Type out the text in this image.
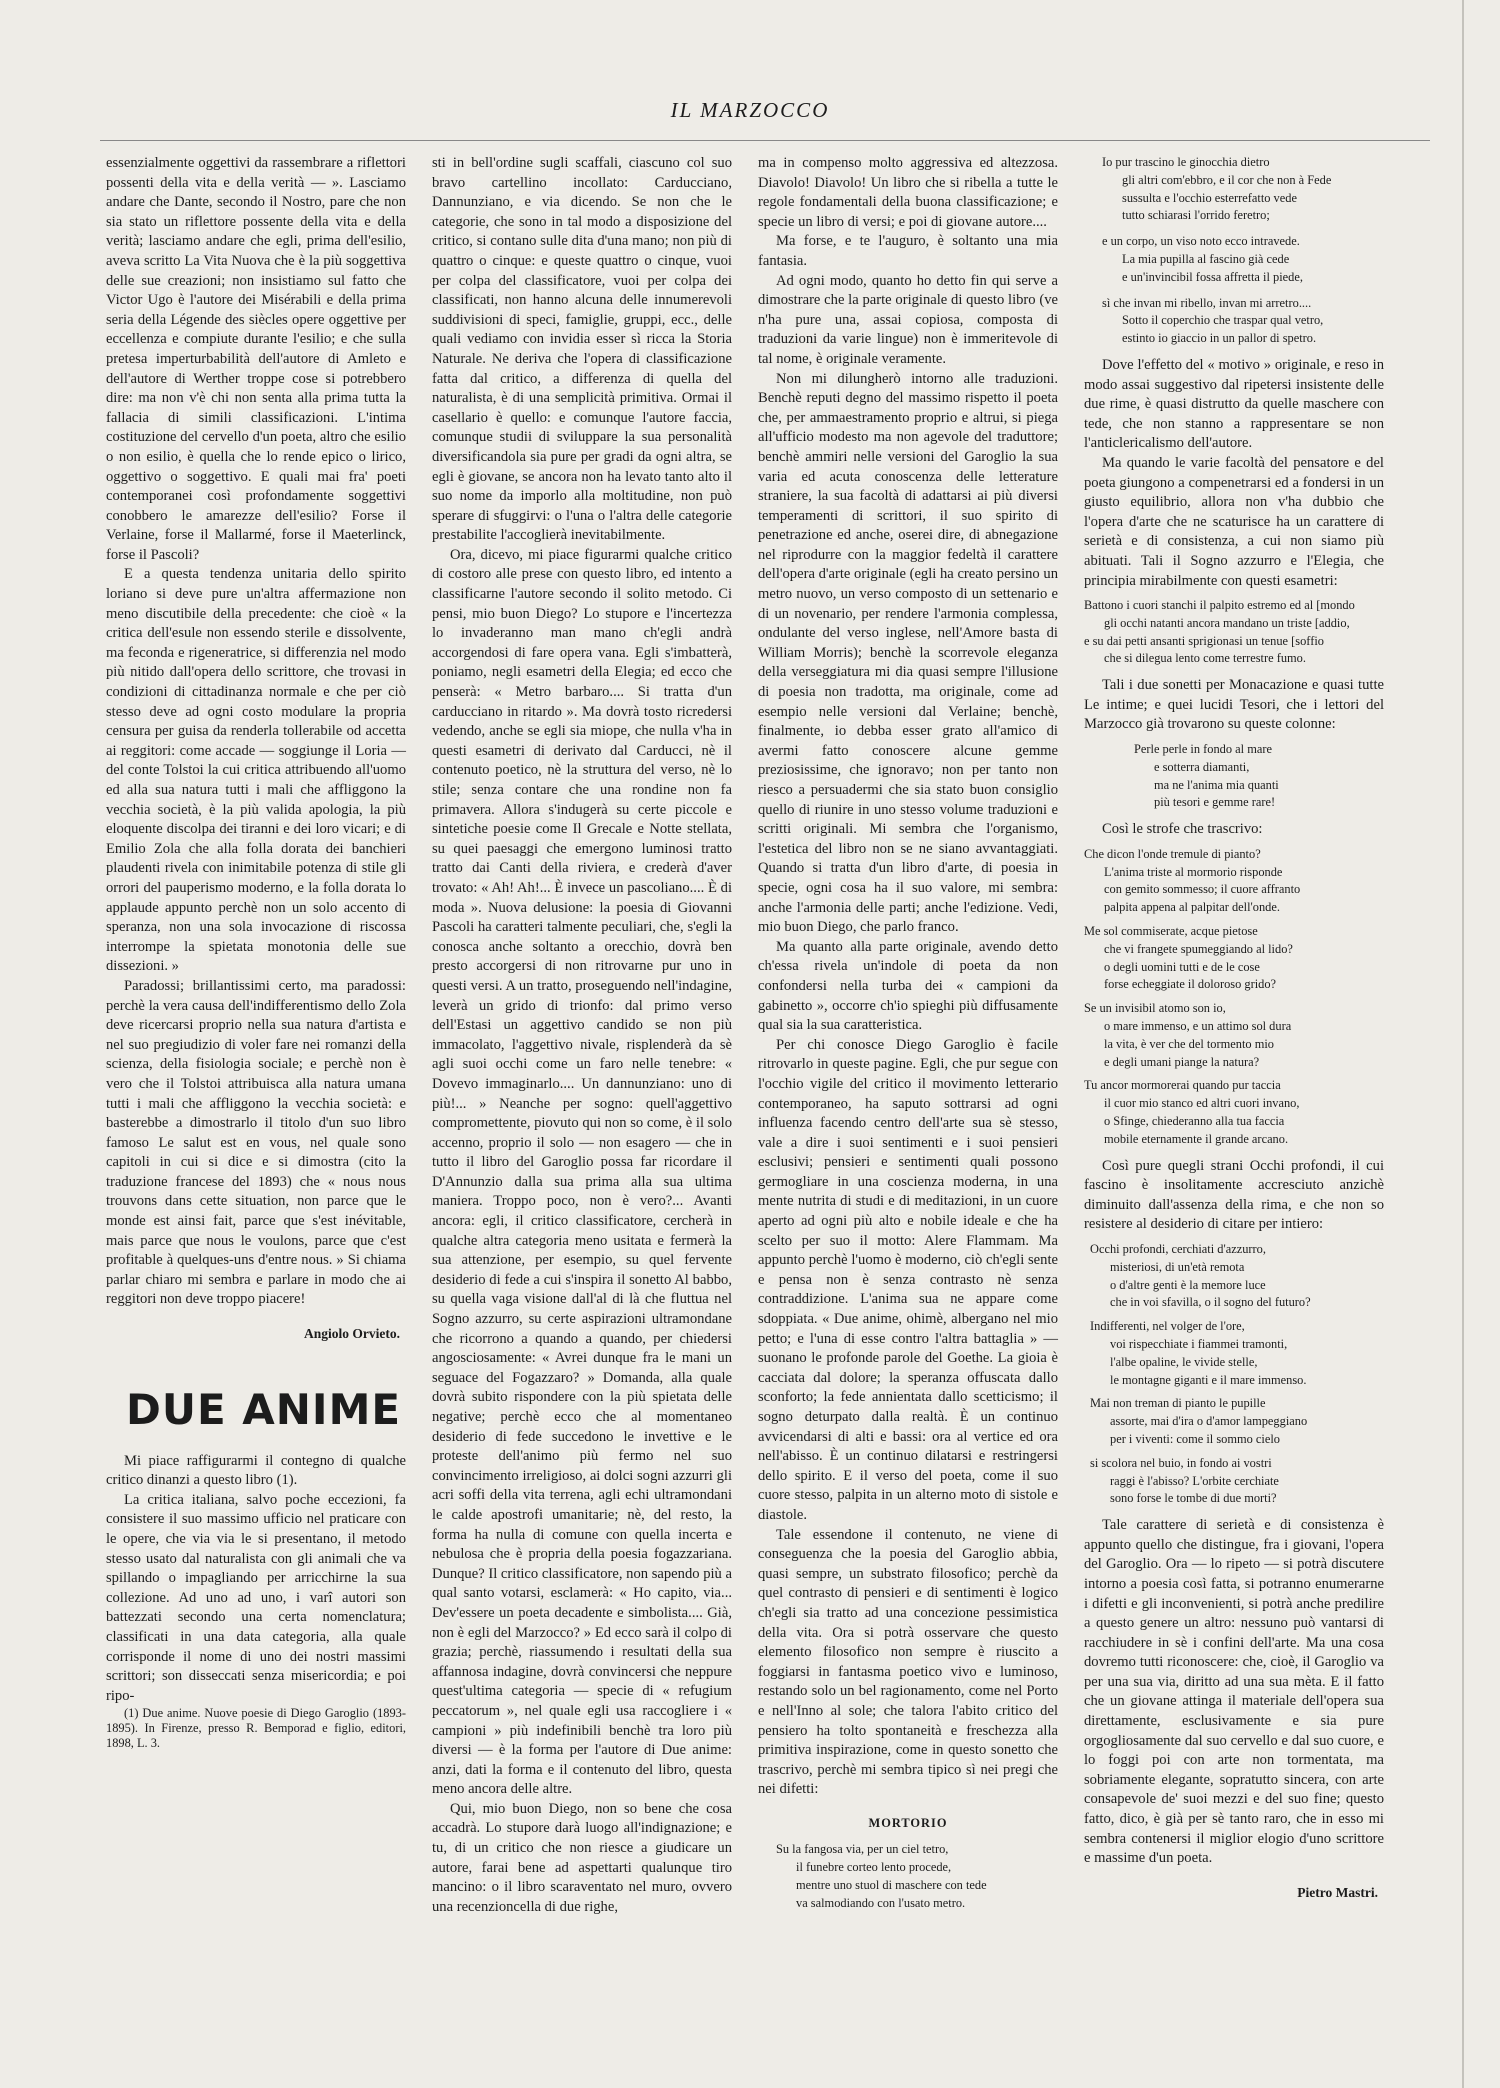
IL MARZOCCO

essenzialmente oggettivi da rassembrare a riflettori possenti della vita e della verità — ». Lasciamo andare che Dante, secondo il Nostro, pare che non sia stato un riflettore possente della vita e della verità; lasciamo andare che egli, prima dell'esilio, aveva scritto La Vita Nuova che è la più soggettiva delle sue creazioni; non insistiamo sul fatto che Victor Ugo è l'autore dei Misérabili e della prima seria della Légende des siècles opere oggettive per eccellenza e compiute durante l'esilio; e che sulla pretesa imperturbabilità dell'autore di Amleto e dell'autore di Werther troppe cose si potrebbero dire: ma non v'è chi non senta alla prima tutta la fallacia di simili classificazioni. L'intima costituzione del cervello d'un poeta, altro che esilio o non esilio, è quella che lo rende epico o lirico, oggettivo o soggettivo. E quali mai fra' poeti contemporanei così profondamente soggettivi conobbero le amarezze dell'esilio? Forse il Verlaine, forse il Mallarmé, forse il Maeterlinck, forse il Pascoli?

E a questa tendenza unitaria dello spirito loriano si deve pure un'altra affermazione non meno discutibile della precedente: che cioè « la critica dell'esule non essendo sterile e dissolvente, ma feconda e rigeneratrice, si differenzia nel modo più nitido dall'opera dello scrittore, che trovasi in condizioni di cittadinanza normale e che per ciò stesso deve ad ogni costo modulare la propria censura per guisa da renderla tollerabile od accetta ai reggitori: come accade — soggiunge il Loria — del conte Tolstoi la cui critica attribuendo all'uomo ed alla sua natura tutti i mali che affliggono la vecchia società, è la più valida apologia, la più eloquente discolpa dei tiranni e dei loro vicari; e di Emilio Zola che alla folla dorata dei banchieri plaudenti rivela con inimitabile potenza di stile gli orrori del pauperismo moderno, e la folla dorata lo applaude appunto perchè non un solo accento di speranza, non una sola invocazione di riscossa interrompe la spietata monotonia delle sue dissezioni. »

Paradossi; brillantissimi certo, ma paradossi: perchè la vera causa dell'indifferentismo dello Zola deve ricercarsi proprio nella sua natura d'artista e nel suo pregiudizio di voler fare nei romanzi della scienza, della fisiologia sociale; e perchè non è vero che il Tolstoi attribuisca alla natura umana tutti i mali che affliggono la vecchia società: e basterebbe a dimostrarlo il titolo d'un suo libro famoso Le salut est en vous, nel quale sono capitoli in cui si dice e si dimostra (cito la traduzione francese del 1893) che « nous nous trouvons dans cette situation, non parce que le monde est ainsi fait, parce que s'est inévitable, mais parce que nous le voulons, parce que c'est profitable à quelques-uns d'entre nous. » Si chiama parlar chiaro mi sembra e parlare in modo che ai reggitori non deve troppo piacere!

Angiolo Orvieto.
DUE ANIME

Mi piace raffigurarmi il contegno di qualche critico dinanzi a questo libro (1).

La critica italiana, salvo poche eccezioni, fa consistere il suo massimo ufficio nel praticare con le opere, che via via le si presentano, il metodo stesso usato dal naturalista con gli animali che va spillando o impagliando per arricchirne la sua collezione. Ad uno ad uno, i varî autori son battezzati secondo una certa nomenclatura; classificati in una data categoria, alla quale corrisponde il nome di uno dei nostri massimi scrittori; son disseccati senza misericordia; e poi ripo-

(1) Due anime. Nuove poesie di Diego Garoglio (1893-1895). In Firenze, presso R. Bemporad e figlio, editori, 1898, L. 3.

sti in bell'ordine sugli scaffali, ciascuno col suo bravo cartellino incollato: Carducciano, Dannunziano, e via dicendo. Se non che le categorie, che sono in tal modo a disposizione del critico, si contano sulle dita d'una mano; non più di quattro o cinque: e queste quattro o cinque, vuoi per colpa del classificatore, vuoi per colpa dei classificati, non hanno alcuna delle innumerevoli suddivisioni di speci, famiglie, gruppi, ecc., delle quali vediamo con invidia esser sì ricca la Storia Naturale. Ne deriva che l'opera di classificazione fatta dal critico, a differenza di quella del naturalista, è di una semplicità primitiva. Ormai il casellario è quello: e comunque l'autore faccia, comunque studii di sviluppare la sua personalità diversificandola sia pure per gradi da ogni altra, se egli è giovane, se ancora non ha levato tanto alto il suo nome da imporlo alla moltitudine, non può sperare di sfuggirvi: o l'una o l'altra delle categorie prestabilite l'accoglierà inevitabilmente.

Ora, dicevo, mi piace figurarmi qualche critico di costoro alle prese con questo libro, ed intento a classificarne l'autore secondo il solito metodo. Ci pensi, mio buon Diego? Lo stupore e l'incertezza lo invaderanno man mano ch'egli andrà accorgendosi di fare opera vana. Egli s'imbatterà, poniamo, negli esametri della Elegia; ed ecco che penserà: « Metro barbaro.... Si tratta d'un carducciano in ritardo ». Ma dovrà tosto ricredersi vedendo, anche se egli sia miope, che nulla v'ha in questi esametri di derivato dal Carducci, nè il contenuto poetico, nè la struttura del verso, nè lo stile; senza contare che una rondine non fa primavera. Allora s'indugerà su certe piccole e sintetiche poesie come Il Grecale e Notte stellata, su quei paesaggi che emergono luminosi tratto tratto dai Canti della riviera, e crederà d'aver trovato: « Ah! Ah!... È invece un pascoliano.... È di moda ». Nuova delusione: la poesia di Giovanni Pascoli ha caratteri talmente peculiari, che, s'egli la conosca anche soltanto a orecchio, dovrà ben presto accorgersi di non ritrovarne pur uno in questi versi. A un tratto, proseguendo nell'indagine, leverà un grido di trionfo: dal primo verso dell'Estasi un aggettivo candido se non più immacolato, l'aggettivo nivale, risplenderà da sè agli suoi occhi come un faro nelle tenebre: « Dovevo immaginarlo.... Un dannunziano: uno di più!... » Neanche per sogno: quell'aggettivo compromettente, piovuto qui non so come, è il solo accenno, proprio il solo — non esagero — che in tutto il libro del Garoglio possa far ricordare il D'Annunzio dalla sua prima alla sua ultima maniera. Troppo poco, non è vero?... Avanti ancora: egli, il critico classificatore, cercherà in qualche altra categoria meno usitata e fermerà la sua attenzione, per esempio, su quel fervente desiderio di fede a cui s'inspira il sonetto Al babbo, su quella vaga visione dall'al di là che fluttua nel Sogno azzurro, su certe aspirazioni ultramondane che ricorrono a quando a quando, per chiedersi angosciosamente: « Avrei dunque fra le mani un seguace del Fogazzaro? » Domanda, alla quale dovrà subito rispondere con la più spietata delle negative; perchè ecco che al momentaneo desiderio di fede succedono le invettive e le proteste dell'animo più fermo nel suo convincimento irreligioso, ai dolci sogni azzurri gli acri soffi della vita terrena, agli echi ultramondani le calde apostrofi umanitarie; nè, del resto, la forma ha nulla di comune con quella incerta e nebulosa che è propria della poesia fogazzariana. Dunque? Il critico classificatore, non sapendo più a qual santo votarsi, esclamerà: « Ho capito, via... Dev'essere un poeta decadente e simbolista.... Già, non è egli del Marzocco? » Ed ecco sarà il colpo di grazia; perchè, riassumendo i resultati della sua affannosa indagine, dovrà convincersi che neppure quest'ultima categoria — specie di « refugium peccatorum », nel quale egli usa raccogliere i « campioni » più indefinibili benchè tra loro più diversi — è la forma per l'autore di Due anime: anzi, dati la forma e il contenuto del libro, questa meno ancora delle altre.

Qui, mio buon Diego, non so bene che cosa accadrà. Lo stupore darà luogo all'indignazione; e tu, di un critico che non riesce a giudicare un autore, farai bene ad aspettarti qualunque tiro mancino: o il libro scaraventato nel muro, ovvero una recenzioncella di due righe,

ma in compenso molto aggressiva ed altezzosa. Diavolo! Diavolo! Un libro che si ribella a tutte le regole fondamentali della buona classificazione; e specie un libro di versi; e poi di giovane autore....

Ma forse, e te l'auguro, è soltanto una mia fantasia.

Ad ogni modo, quanto ho detto fin qui serve a dimostrare che la parte originale di questo libro (ve n'ha pure una, assai copiosa, composta di traduzioni da varie lingue) non è immeritevole di tal nome, è originale veramente.

Non mi dilungherò intorno alle traduzioni. Benchè reputi degno del massimo rispetto il poeta che, per ammaestramento proprio e altrui, si piega all'ufficio modesto ma non agevole del traduttore; benchè ammiri nelle versioni del Garoglio la sua varia ed acuta conoscenza delle letterature straniere, la sua facoltà di adattarsi ai più diversi temperamenti di scrittori, il suo spirito di penetrazione ed anche, oserei dire, di abnegazione nel riprodurre con la maggior fedeltà il carattere dell'opera d'arte originale (egli ha creato persino un metro nuovo, un verso composto di un settenario e di un novenario, per rendere l'armonia complessa, ondulante del verso inglese, nell'Amore basta di William Morris); benchè la scorrevole eleganza della verseggiatura mi dia quasi sempre l'illusione di poesia non tradotta, ma originale, come ad esempio nelle versioni dal Verlaine; benchè, finalmente, io debba esser grato all'amico di avermi fatto conoscere alcune gemme preziosissime, che ignoravo; non per tanto non riesco a persuadermi che sia stato buon consiglio quello di riunire in uno stesso volume traduzioni e scritti originali. Mi sembra che l'organismo, l'estetica del libro non se ne siano avvantaggiati. Quando si tratta d'un libro d'arte, di poesia in specie, ogni cosa ha il suo valore, mi sembra: anche l'armonia delle parti; anche l'edizione. Vedi, mio buon Diego, che parlo franco.

Ma quanto alla parte originale, avendo detto ch'essa rivela un'indole di poeta da non confondersi nella turba dei « campioni da gabinetto », occorre ch'io spieghi più diffusamente qual sia la sua caratteristica.

Per chi conosce Diego Garoglio è facile ritrovarlo in queste pagine. Egli, che pur segue con l'occhio vigile del critico il movimento letterario contemporaneo, ha saputo sottrarsi ad ogni influenza facendo centro dell'arte sua sè stesso, vale a dire i suoi sentimenti e i suoi pensieri esclusivi; pensieri e sentimenti quali possono germogliare in una coscienza moderna, in una mente nutrita di studi e di meditazioni, in un cuore aperto ad ogni più alto e nobile ideale e che ha scelto per suo il motto: Alere Flammam. Ma appunto perchè l'uomo è moderno, ciò ch'egli sente e pensa non è senza contrasto nè senza contraddizione. L'anima sua ne appare come sdoppiata. « Due anime, ohimè, albergano nel mio petto; e l'una di esse contro l'altra battaglia » — suonano le profonde parole del Goethe. La gioia è cacciata dal dolore; la speranza offuscata dallo sconforto; la fede annientata dallo scetticismo; il sogno deturpato dalla realtà. È un continuo avvicendarsi di alti e bassi: ora al vertice ed ora nell'abisso. È un continuo dilatarsi e restringersi dello spirito. E il verso del poeta, come il suo cuore stesso, palpita in un alterno moto di sistole e diastole.

Tale essendone il contenuto, ne viene di conseguenza che la poesia del Garoglio abbia, quasi sempre, un substrato filosofico; perchè da quel contrasto di pensieri e di sentimenti è logico ch'egli sia tratto ad una concezione pessimistica della vita. Ora si potrà osservare che questo elemento filosofico non sempre è riuscito a foggiarsi in fantasma poetico vivo e luminoso, restando solo un bel ragionamento, come nel Porto e nell'Inno al sole; che talora l'abito critico del pensiero ha tolto spontaneità e freschezza alla primitiva inspirazione, come in questo sonetto che trascrivo, perchè mi sembra tipico sì nei pregi che nei difetti:

MORTORIO
Su la fangosa via, per un ciel tetro,
il funebre corteo lento procede,
mentre uno stuol di maschere con tede
va salmodiando con l'usato metro.
Io pur trascino le ginocchia dietro
gli altri com'ebbro, e il cor che non à Fede
sussulta e l'occhio esterrefatto vede
tutto schiarasi l'orrido feretro;
e un corpo, un viso noto ecco intravede.
La mia pupilla al fascino già cede
e un'invincibil fossa affretta il piede,
sì che invan mi ribello, invan mi arretro....
Sotto il coperchio che traspar qual vetro,
estinto io giaccio in un pallor di spetro.

Dove l'effetto del « motivo » originale, e reso in modo assai suggestivo dal ripetersi insistente delle due rime, è quasi distrutto da quelle maschere con tede, che non stanno a rappresentare se non l'anticlericalismo dell'autore.

Ma quando le varie facoltà del pensatore e del poeta giungono a compenetrarsi ed a fondersi in un giusto equilibrio, allora non v'ha dubbio che l'opera d'arte che ne scaturisce ha un carattere di serietà e di consistenza, a cui non siamo più abituati. Tali il Sogno azzurro e l'Elegia, che principia mirabilmente con questi esametri:

Battono i cuori stanchi il palpito estremo ed al [mondo
gli occhi natanti ancora mandano un triste [addio,
e su dai petti ansanti sprigionasi un tenue [soffio
che si dilegua lento come terrestre fumo.

Tali i due sonetti per Monacazione e quasi tutte Le intime; e quei lucidi Tesori, che i lettori del Marzocco già trovarono su queste colonne:

Perle perle in fondo al mare
e sotterra diamanti,
ma ne l'anima mia quanti
più tesori e gemme rare!

Così le strofe che trascrivo:

Che dicon l'onde tremule di pianto?
L'anima triste al mormorio risponde
con gemito sommesso; il cuore affranto
palpita appena al palpitar dell'onde.
Me sol commiserate, acque pietose
che vi frangete spumeggiando al lido?
o degli uomini tutti e de le cose
forse echeggiate il doloroso grido?
Se un invisibil atomo son io,
o mare immenso, e un attimo sol dura
la vita, è ver che del tormento mio
e degli umani piange la natura?
Tu ancor mormorerai quando pur taccia
il cuor mio stanco ed altri cuori invano,
o Sfinge, chiederanno alla tua faccia
mobile eternamente il grande arcano.

Così pure quegli strani Occhi profondi, il cui fascino è insolitamente accresciuto anzichè diminuito dall'assenza della rima, e che non so resistere al desiderio di citare per intiero:

Occhi profondi, cerchiati d'azzurro,
misteriosi, di un'età remota
o d'altre genti è la memore luce
che in voi sfavilla, o il sogno del futuro?
Indifferenti, nel volger de l'ore,
voi rispecchiate i fiammei tramonti,
l'albe opaline, le vivide stelle,
le montagne giganti e il mare immenso.
Mai non treman di pianto le pupille
assorte, mai d'ira o d'amor lampeggiano
per i viventi: come il sommo cielo
si scolora nel buio, in fondo ai vostri
raggi è l'abisso? L'orbite cerchiate
sono forse le tombe di due morti?

Tale carattere di serietà e di consistenza è appunto quello che distingue, fra i giovani, l'opera del Garoglio. Ora — lo ripeto — si potrà discutere intorno a poesia così fatta, si potranno enumerarne i difetti e gli inconvenienti, si potrà anche predilire a questo genere un altro: nessuno può vantarsi di racchiudere in sè i confini dell'arte. Ma una cosa dovremo tutti riconoscere: che, cioè, il Garoglio va per una sua via, diritto ad una sua mèta. E il fatto che un giovane attinga il materiale dell'opera sua direttamente, esclusivamente e sia pure orgogliosamente dal suo cervello e dal suo cuore, e lo foggi poi con arte non tormentata, ma sobriamente elegante, sopratutto sincera, con arte consapevole de' suoi mezzi e del suo fine; questo fatto, dico, è già per sè tanto raro, che in esso mi sembra contenersi il miglior elogio d'uno scrittore e massime d'un poeta.

Pietro Mastri.
